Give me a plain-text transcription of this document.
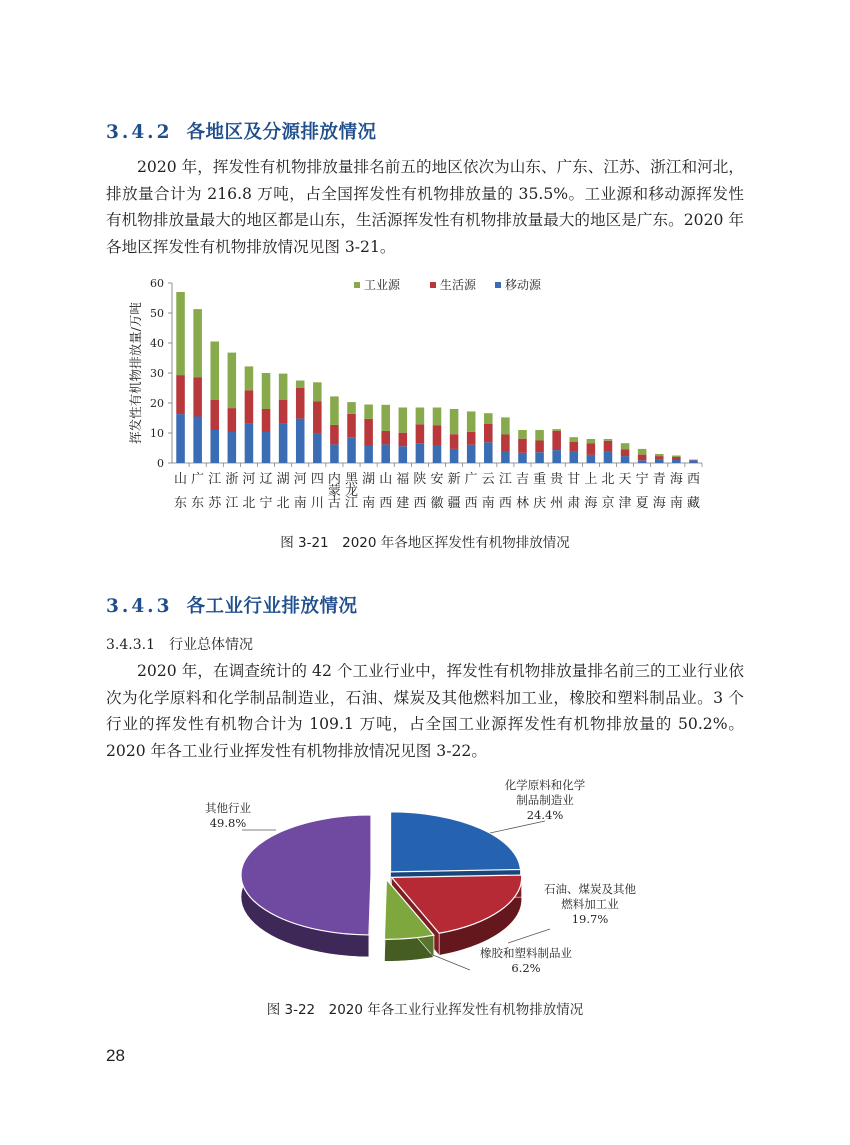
3.4.2 各地区及分源排放情况
2020 年，挥发性有机物排放量排名前五的地区依次为山东、广东、江苏、浙江和河北，排放量合计为 216.8 万吨，占全国挥发性有机物排放量的 35.5%。工业源和移动源挥发性有机物排放量最大的地区都是山东，生活源挥发性有机物排放量最大的地区是广东。2020 年各地区挥发性有机物排放情况见图 3-21。
挥发性有机物排放量/万吨
0
10
20
30
40
50
60
山东
广东
江苏
浙江
河北
辽宁
湖北
河南
四川
内蒙古
黑龙江
湖南
山西
福建
陕西
安徽
新疆
广西
云南
江西
吉林
重庆
贵州
甘肃
上海
北京
天津
宁夏
青海
海南
西藏
工业源	生活源 移动源
图 3-21　2020 年各地区挥发性有机物排放情况
3.4.3 各工业行业排放情况
3.4.3.1　行业总体情况
2020 年，在调查统计的 42 个工业行业中，挥发性有机物排放量排名前三的工业行业依次为化学原料和化学制品制造业，石油、煤炭及其他燃料加工业，橡胶和塑料制品业。3 个行业的挥发性有机物合计为 109.1 万吨，占全国工业源挥发性有机物排放量的 50.2%。2020 年各工业行业挥发性有机物排放情况见图 3-22。
化学原料和化学
制品制造业
24.4%
石油、煤炭及其他
燃料加工业
19.7%
橡胶和塑料制品业
6.2%
其他行业
49.8%
图 3-22　2020 年各工业行业挥发性有机物排放情况
28
